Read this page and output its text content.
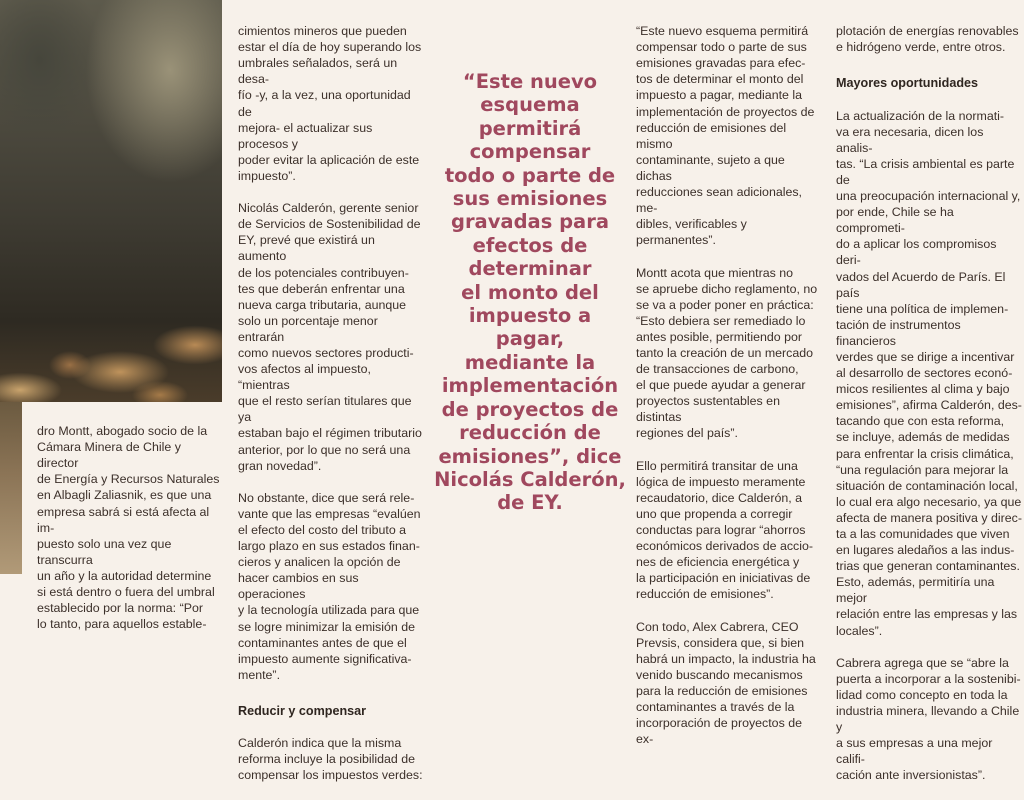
dro Montt, abogado socio de la
Cámara Minera de Chile y director
de Energía y Recursos Naturales
en Albagli Zaliasnik, es que una
empresa sabrá si está afecta al im-
puesto solo una vez que transcurra
un año y la autoridad determine
si está dentro o fuera del umbral
establecido por la norma: “Por
lo tanto, para aquellos estable-

cimientos mineros que pueden
estar el día de hoy superando los
umbrales señalados, será un desa-
fío -y, a la vez, una oportunidad de
mejora- el actualizar sus procesos y
poder evitar la aplicación de este
impuesto”.

Nicolás Calderón, gerente senior
de Servicios de Sostenibilidad de
EY, prevé que existirá un aumento
de los potenciales contribuyen-
tes que deberán enfrentar una
nueva carga tributaria, aunque
solo un porcentaje menor entrarán
como nuevos sectores producti-
vos afectos al impuesto, “mientras
que el resto serían titulares que ya
estaban bajo el régimen tributario
anterior, por lo que no será una
gran novedad”.

No obstante, dice que será rele-
vante que las empresas “evalúen
el efecto del costo del tributo a
largo plazo en sus estados finan-
cieros y analicen la opción de
hacer cambios en sus operaciones
y la tecnología utilizada para que
se logre minimizar la emisión de
contaminantes antes de que el
impuesto aumente significativa-
mente”.

Reducir y compensar

Calderón indica que la misma
reforma incluye la posibilidad de
compensar los impuestos verdes:

“Este nuevo
esquema
permitirá
compensar
todo o parte de
sus emisiones
gravadas para
efectos de
determinar
el monto del
impuesto a pagar,
mediante la
implementación
de proyectos de
reducción de
emisiones”, dice
Nicolás Calderón,
de EY.

“Este nuevo esquema permitirá
compensar todo o parte de sus
emisiones gravadas para efec-
tos de determinar el monto del
impuesto a pagar, mediante la
implementación de proyectos de
reducción de emisiones del mismo
contaminante, sujeto a que dichas
reducciones sean adicionales, me-
dibles, verificables y permanentes”.

Montt acota que mientras no
se apruebe dicho reglamento, no
se va a poder poner en práctica:
“Esto debiera ser remediado lo
antes posible, permitiendo por
tanto la creación de un mercado
de transacciones de carbono,
el que puede ayudar a generar
proyectos sustentables en distintas
regiones del país”.

Ello permitirá transitar de una
lógica de impuesto meramente
recaudatorio, dice Calderón, a
uno que propenda a corregir
conductas para lograr “ahorros
económicos derivados de accio-
nes de eficiencia energética y
la participación en iniciativas de
reducción de emisiones”.

Con todo, Alex Cabrera, CEO
Prevsis, considera que, si bien
habrá un impacto, la industria ha
venido buscando mecanismos
para la reducción de emisiones
contaminantes a través de la
incorporación de proyectos de ex-

plotación de energías renovables
e hidrógeno verde, entre otros.

Mayores oportunidades

La actualización de la normati-
va era necesaria, dicen los analis-
tas. “La crisis ambiental es parte de
una preocupación internacional y,
por ende, Chile se ha comprometi-
do a aplicar los compromisos deri-
vados del Acuerdo de París. El país
tiene una política de implemen-
tación de instrumentos financieros
verdes que se dirige a incentivar
al desarrollo de sectores econó-
micos resilientes al clima y bajo
emisiones”, afirma Calderón, des-
tacando que con esta reforma,
se incluye, además de medidas
para enfrentar la crisis climática,
“una regulación para mejorar la
situación de contaminación local,
lo cual era algo necesario, ya que
afecta de manera positiva y direc-
ta a las comunidades que viven
en lugares aledaños a las indus-
trias que generan contaminantes.
Esto, además, permitiría una mejor
relación entre las empresas y las
locales”.

Cabrera agrega que se “abre la
puerta a incorporar a la sostenibi-
lidad como concepto en toda la
industria minera, llevando a Chile y
a sus empresas a una mejor califi-
cación ante inversionistas”.
